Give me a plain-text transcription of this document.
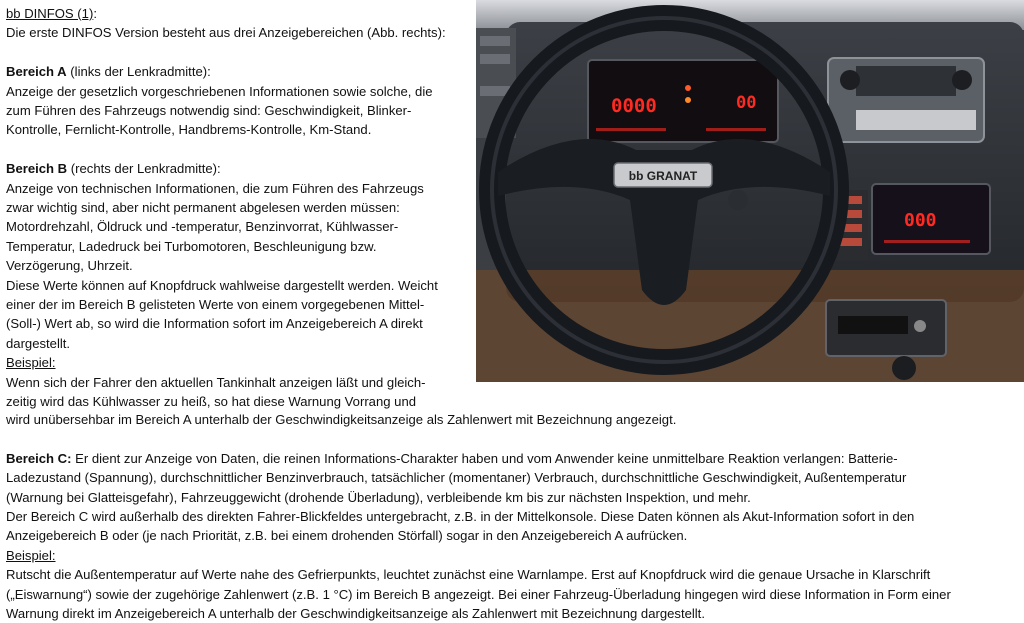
bb DINFOS (1):

Die erste DINFOS Version besteht aus drei Anzeigebereichen (Abb. rechts):

Bereich A (links der Lenkradmitte):

Anzeige der gesetzlich vorgeschriebenen Informationen sowie solche, die

zum Führen des Fahrzeugs notwendig sind: Geschwindigkeit, Blinker-

Kontrolle, Fernlicht-Kontrolle, Handbrems-Kontrolle, Km-Stand.

Bereich B (rechts der Lenkradmitte):

Anzeige von technischen Informationen, die zum Führen des Fahrzeugs

zwar wichtig sind, aber nicht permanent abgelesen werden müssen:

Motordrehzahl, Öldruck und -temperatur, Benzinvorrat, Kühlwasser-

Temperatur, Ladedruck bei Turbomotoren, Beschleunigung bzw.

Verzögerung, Uhrzeit.

Diese Werte können auf Knopfdruck wahlweise dargestellt werden. Weicht

einer der im Bereich B gelisteten Werte von einem vorgegebenen Mittel-

(Soll-) Wert ab, so wird die Information sofort im Anzeigebereich A direkt

dargestellt.

Beispiel:

Wenn sich der Fahrer den aktuellen Tankinhalt anzeigen läßt und gleich-

zeitig wird das Kühlwasser zu heiß, so hat diese Warnung Vorrang und

wird unübersehbar im Bereich A unterhalb der Geschwindigkeitsanzeige als Zahlenwert mit Bezeichnung angezeigt.

Bereich C: Er dient zur Anzeige von Daten, die reinen Informations-Charakter haben und vom Anwender keine unmittelbare Reaktion verlangen: Batterie-

Ladezustand (Spannung), durchschnittlicher Benzinverbrauch, tatsächlicher (momentaner) Verbrauch, durchschnittliche Geschwindigkeit, Außentemperatur

(Warnung bei Glatteisgefahr), Fahrzeuggewicht (drohende Überladung), verbleibende km bis zur nächsten Inspektion, und mehr.

Der Bereich C wird außerhalb des direkten Fahrer-Blickfeldes untergebracht, z.B. in der Mittelkonsole. Diese Daten können als Akut-Information sofort in den

Anzeigebereich B oder (je nach Priorität, z.B. bei einem drohenden Störfall) sogar in den Anzeigebereich A aufrücken.

Beispiel:

Rutscht die Außentemperatur auf Werte nahe des Gefrierpunkts, leuchtet zunächst eine Warnlampe. Erst auf Knopfdruck wird die genaue Ursache in Klarschrift

(„Eiswarnung“) sowie der zugehörige Zahlenwert (z.B. 1 °C) im Bereich B angezeigt. Bei einer Fahrzeug-Überladung hingegen wird diese Information in Form einer

Warnung direkt im Anzeigebereich A unterhalb der Geschwindigkeitsanzeige als Zahlenwert mit Bezeichnung dargestellt.

0000	00
000
bb GRANAT
